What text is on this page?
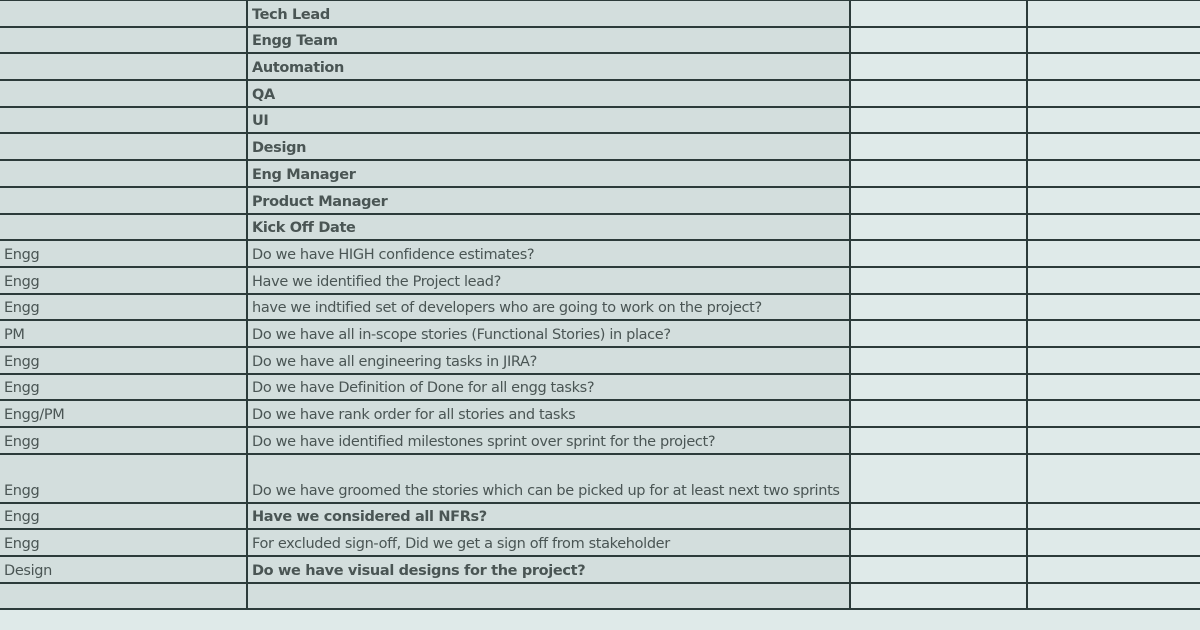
	Tech Lead		
	Engg Team		
	Automation		
	QA		
	UI		
	Design		
	Eng Manager		
	Product Manager		
	Kick Off Date		
Engg	Do we have HIGH confidence estimates?		
Engg	Have we identified the Project lead?		
Engg	have we indtified set of developers who are going to work on the project?		
PM	Do we have all in-scope stories (Functional Stories) in place?		
Engg	Do we have all engineering tasks in JIRA?		
Engg	Do we have Definition of Done for all engg tasks?		
Engg/PM	Do we have rank order for all stories and tasks		
Engg	Do we have identified milestones sprint over sprint for the project?		
Engg	Do we have groomed the stories which can be picked up for at least next two sprints		
Engg	Have we considered all NFRs?		
Engg	For excluded sign-off, Did we get a sign off from stakeholder		
Design	Do we have visual designs for the project?		
